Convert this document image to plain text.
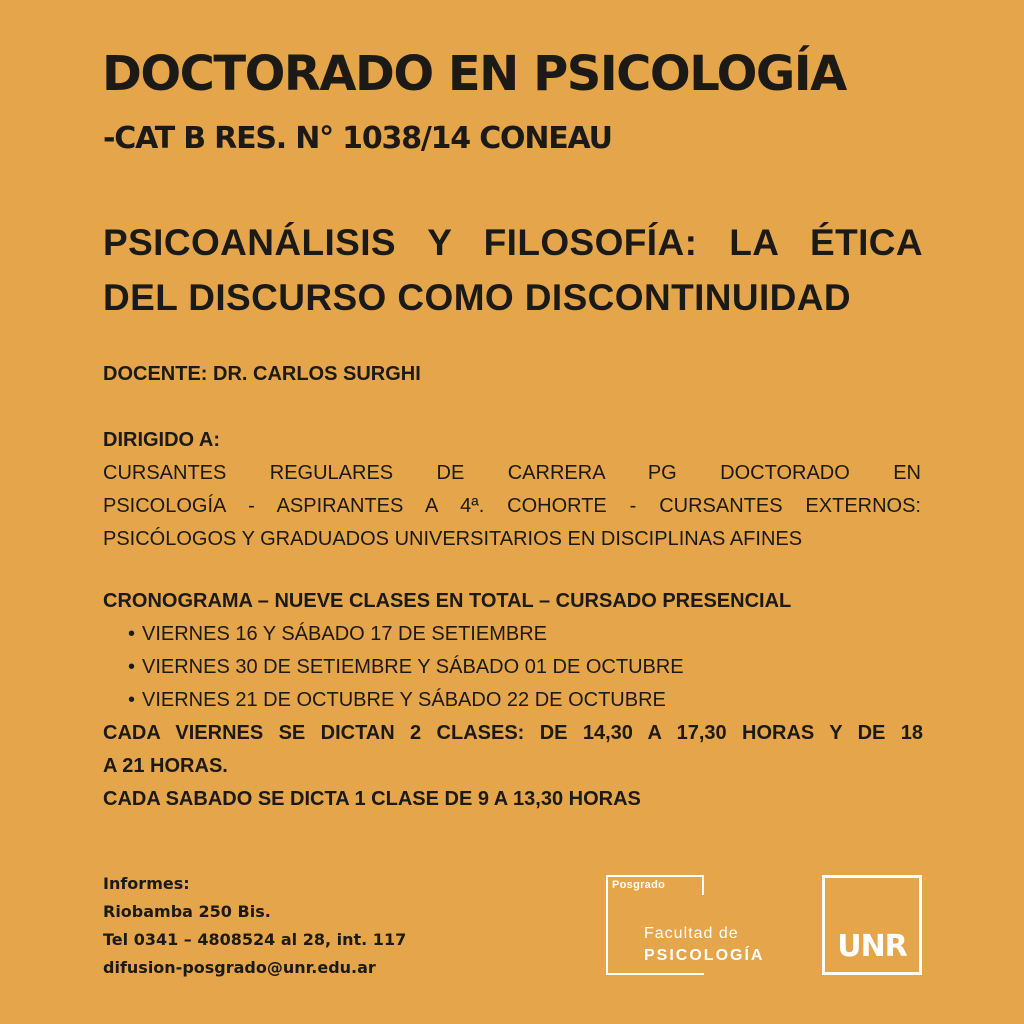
DOCTORADO EN PSICOLOGÍA
-CAT B RES. N° 1038/14 CONEAU
PSICOANÁLISIS Y FILOSOFÍA: LA ÉTICA
DEL DISCURSO COMO DISCONTINUIDAD
DOCENTE: DR. CARLOS SURGHI
DIRIGIDO A:
CURSANTES REGULARES DE CARRERA PG DOCTORADO EN
PSICOLOGÍA - ASPIRANTES A 4ª. COHORTE - CURSANTES EXTERNOS:
PSICÓLOGOS Y GRADUADOS UNIVERSITARIOS EN DISCIPLINAS AFINES
CRONOGRAMA – NUEVE CLASES EN TOTAL – CURSADO PRESENCIAL
• VIERNES 16 Y SÁBADO 17 DE SETIEMBRE
• VIERNES 30 DE SETIEMBRE Y SÁBADO 01 DE OCTUBRE
• VIERNES 21 DE OCTUBRE Y SÁBADO 22 DE OCTUBRE
CADA VIERNES SE DICTAN 2 CLASES: DE 14,30 A 17,30 HORAS Y DE 18
A 21 HORAS.
CADA SABADO SE DICTA 1 CLASE DE 9 A 13,30 HORAS
Informes:
Riobamba 250 Bis.
Tel 0341 – 4808524 al 28, int. 117
difusion-posgrado@unr.edu.ar
Posgrado
Facultad de
PSICOLOGÍA	UNR
